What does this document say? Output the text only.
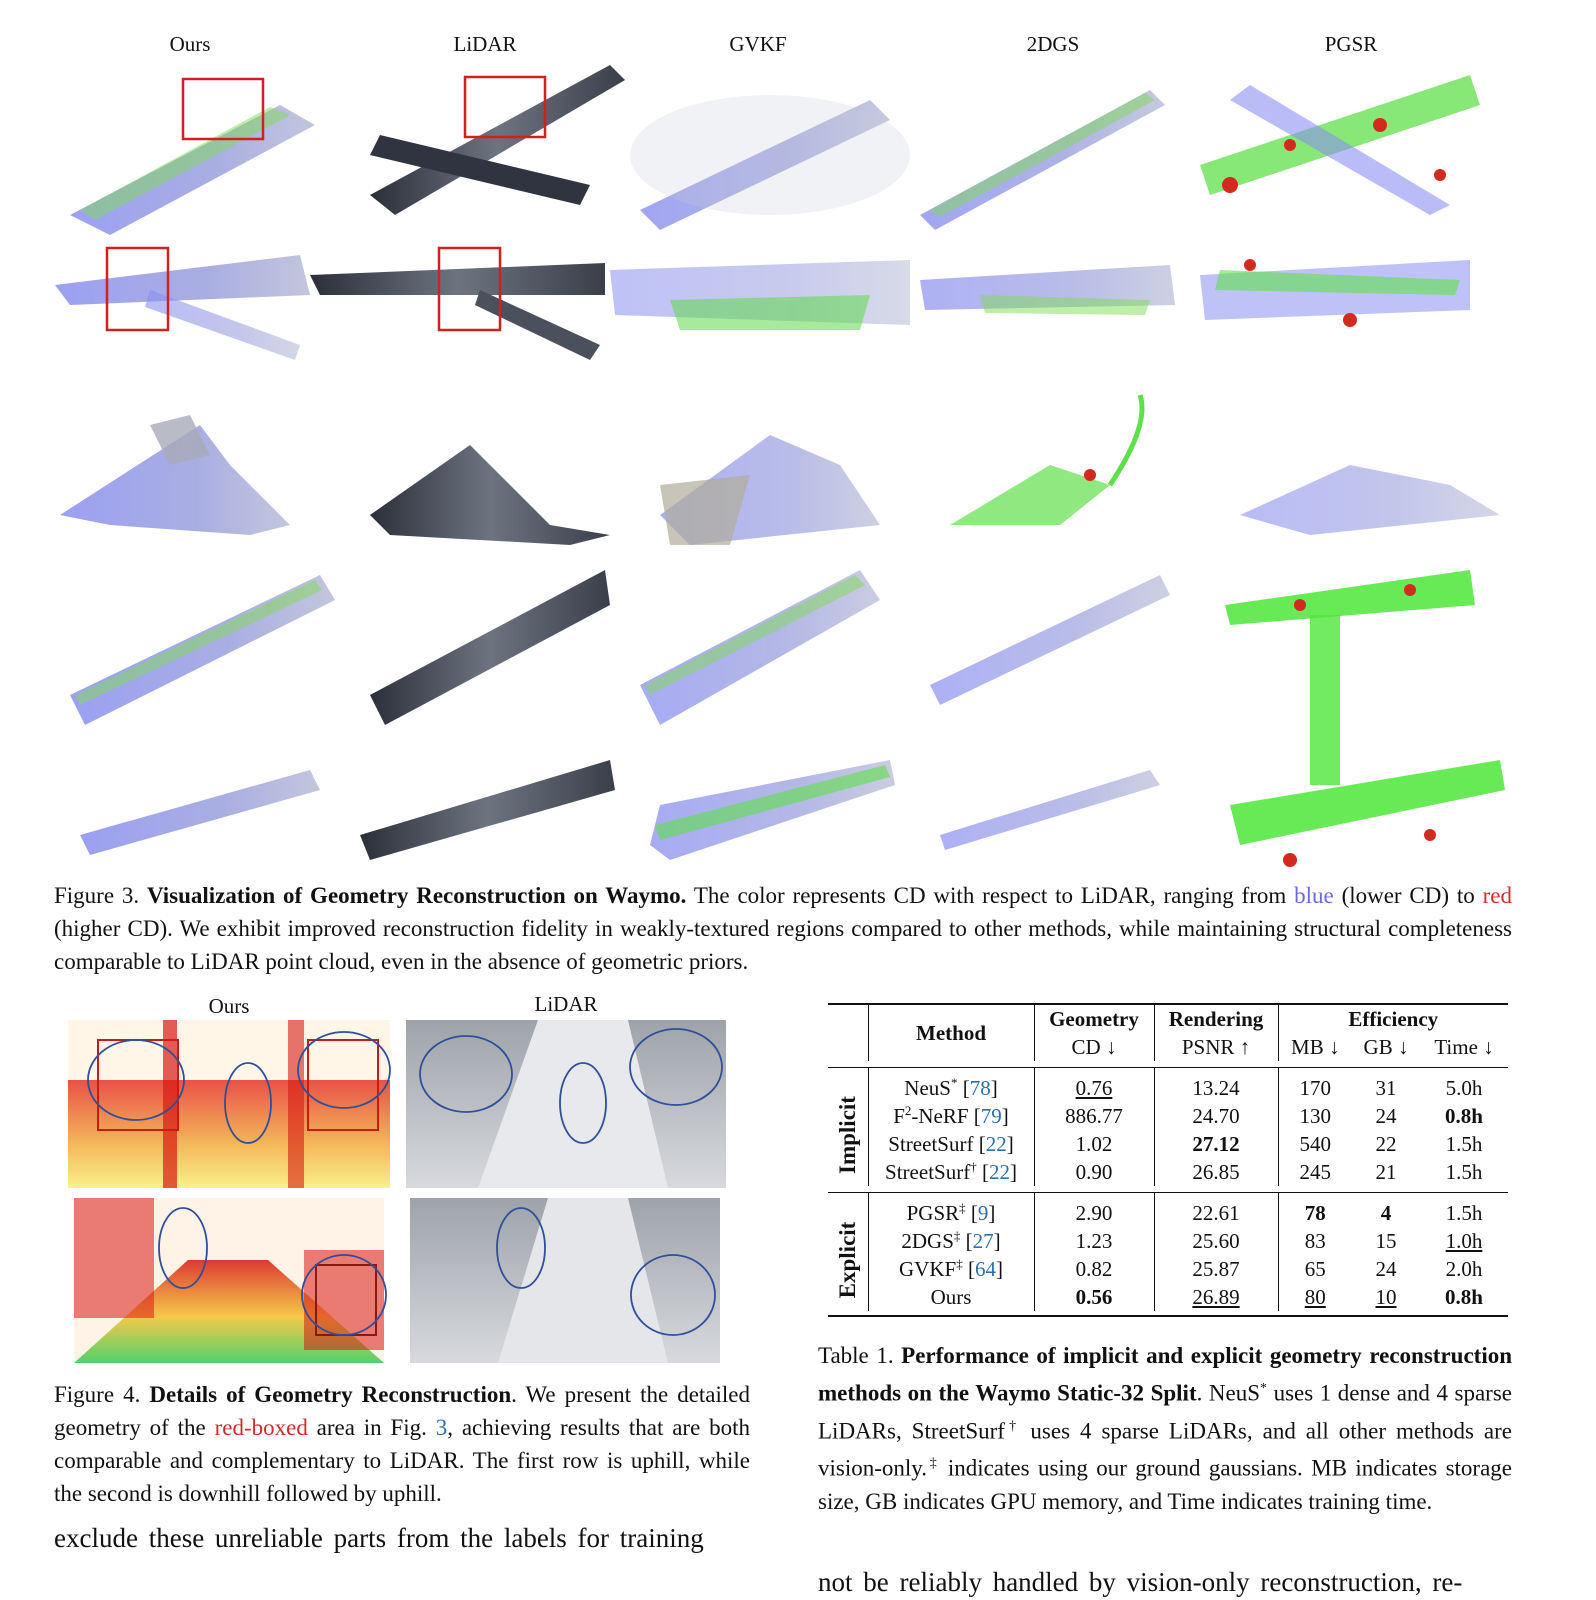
Ours	LiDAR	GVKF	2DGS	PGSR
Figure 3. Visualization of Geometry Reconstruction on Waymo. The color represents CD with respect to LiDAR, ranging from blue (lower CD) to red (higher CD). We exhibit improved reconstruction fidelity in weakly-textured regions compared to other methods, while maintaining structural completeness comparable to LiDAR point cloud, even in the absence of geometric priors.
Ours	LiDAR
Figure 4. Details of Geometry Reconstruction. We present the detailed geometry of the red-boxed area in Fig. 3, achieving results that are both comparable and complementary to LiDAR. The first row is uphill, while the second is downhill followed by uphill.
exclude these unreliable parts from the labels for training
	Method	Geometry	Rendering	Efficiency		
		CD ↓	PSNR ↑	MB ↓	GB ↓	Time ↓

Implicit	NeuS* [78]	0.76	13.24	170	31	5.0h
	$F^2$-NeRF [79]	886.77	24.70	130	24	0.8h
	StreetSurf [22]	1.02	27.12	540	22	1.5h
	StreetSurf† [22]	0.90	26.85	245	21	1.5h

Explicit	PGSR‡ [9]	2.90	22.61	78	4	1.5h
	2DGS‡ [27]	1.23	25.60	83	15	1.0h
	GVKF‡ [64]	0.82	25.87	65	24	2.0h
	Ours	0.56	26.89	80	10	0.8h
Table 1. Performance of implicit and explicit geometry reconstruction methods on the Waymo Static-32 Split. NeuS* uses 1 dense and 4 sparse LiDARs, StreetSurf† uses 4 sparse LiDARs, and all other methods are vision-only.‡ indicates using our ground gaussians. MB indicates storage size, GB indicates GPU memory, and Time indicates training time.
not be reliably handled by vision-only reconstruction, re-
